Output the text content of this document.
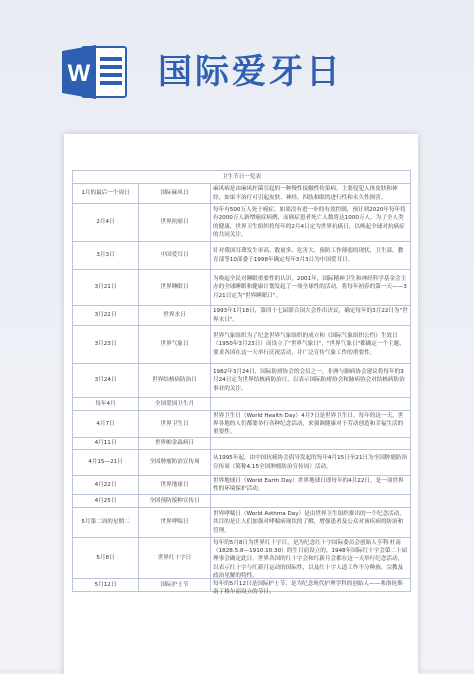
W 国际爱牙日
卫生节日一览表		
1月的最后一个周日	国际麻风日	麻风病是由麻风杆菌引起的一种慢性接触性传染病，主要侵犯人体皮肤和神经，如果不治疗可引起皮肤、神经、四肢和眼的进行性和永久性损害。

2月4日	世界抗癌日	每年有500万人死于癌症，如果没有进一步的有效控制，预计到2020年每年将有2000万人新增癌症病例，而癌症患者死亡人数将达1000万人，为了全人类的健康，世界卫生组织将每年的2月4日定为世界抗癌日，以唤起全球对抗癌症的共同关注。

3月3日	中国爱耳日	针对我国耳聋发生率高、数量多、危害大，预防工作薄弱的现状，卫生部、教育部等10部委于1998年确定每年3月3日为中国爱耳日。

3月21日	世界睡眠日	为唤起全民对睡眠重要性的认识，2001年，国际精神卫生和神经科学基金会主办的全球睡眠和健康计划发起了一项全球性的活动，将每年初春的第一天——3月21日定为"世界睡眠日"。

3月22日	世界水日	1993年1月18日，第四十七届联合国大会作出决议，确定每年的3月22日为"世界水日"。

3月23日	世界气象日	世界气象组织为了纪念世界气象组织的成立和《国际气象组织公约》生效日（1950年3月23日）而设立了"世界气象日"，"世界气象日"都确定一个主题，要求各国在这一天举行庆祝活动，并广泛宣传气象工作的重要性。

3月24日	世界结核病防治日	1982年3月24日，国际防痨协会的会员之一，非洲与肺病协会建议将每年的3月24日定为世界结核病防治日，以表示国际防痨协会和肺病协会对结核病防治事业的关注。

每年4月	全国爱国卫生月	

4月7日	世界卫生日	世界卫生日（World Health Day）4月7日是世界卫生日。每年的这一天，世界各地的人们都要举行各种纪念活动，来强调健康对于劳动创造和幸福生活的重要性。

4月11日	世界帕金森病日	

4月15—21日	全国肿瘤防治宣传周	从1995年起，由中国抗癌协会倡导发起的每年4月15日至21日为全国肿瘤防治宣传周（简称4.15全国肿瘤防治宣传周）活动。

4月22日	世界地球日	世界地球日（World Earth Day）世界地球日即每年的4月22日，是一项世界性的环境保护活动。

4月25日	全国预防接种宣传日	

5月第二周的星期二	世界哮喘日	世界哮喘日（World Asthma Day）是由世界卫生组织推出的一个纪念活动，其目的是让人们加强对哮喘病现状的了解，增强患者及公众对该疾病的防治和管理。

5月8日	世界红十字日	每年的5月8日为世界红十字日，是为纪念红十字国际委员会创始人亨利·杜南（1828.5.8—1910.10.30）的生日而设立的。1948年国际红十字会第二十届理事会确定此日。世界各国的红十字会和红新月会都在这一天举行纪念活动，以表示红十字与红新月运动的国际性，以及红十字人道工作不分种族、宗教及政治见解的特性。

5月12日	国际护士节	每年的5月12日是国际护士节，是为纪念现代护理学科的创始人——弗洛伦斯·南丁格尔而设立的节日。
